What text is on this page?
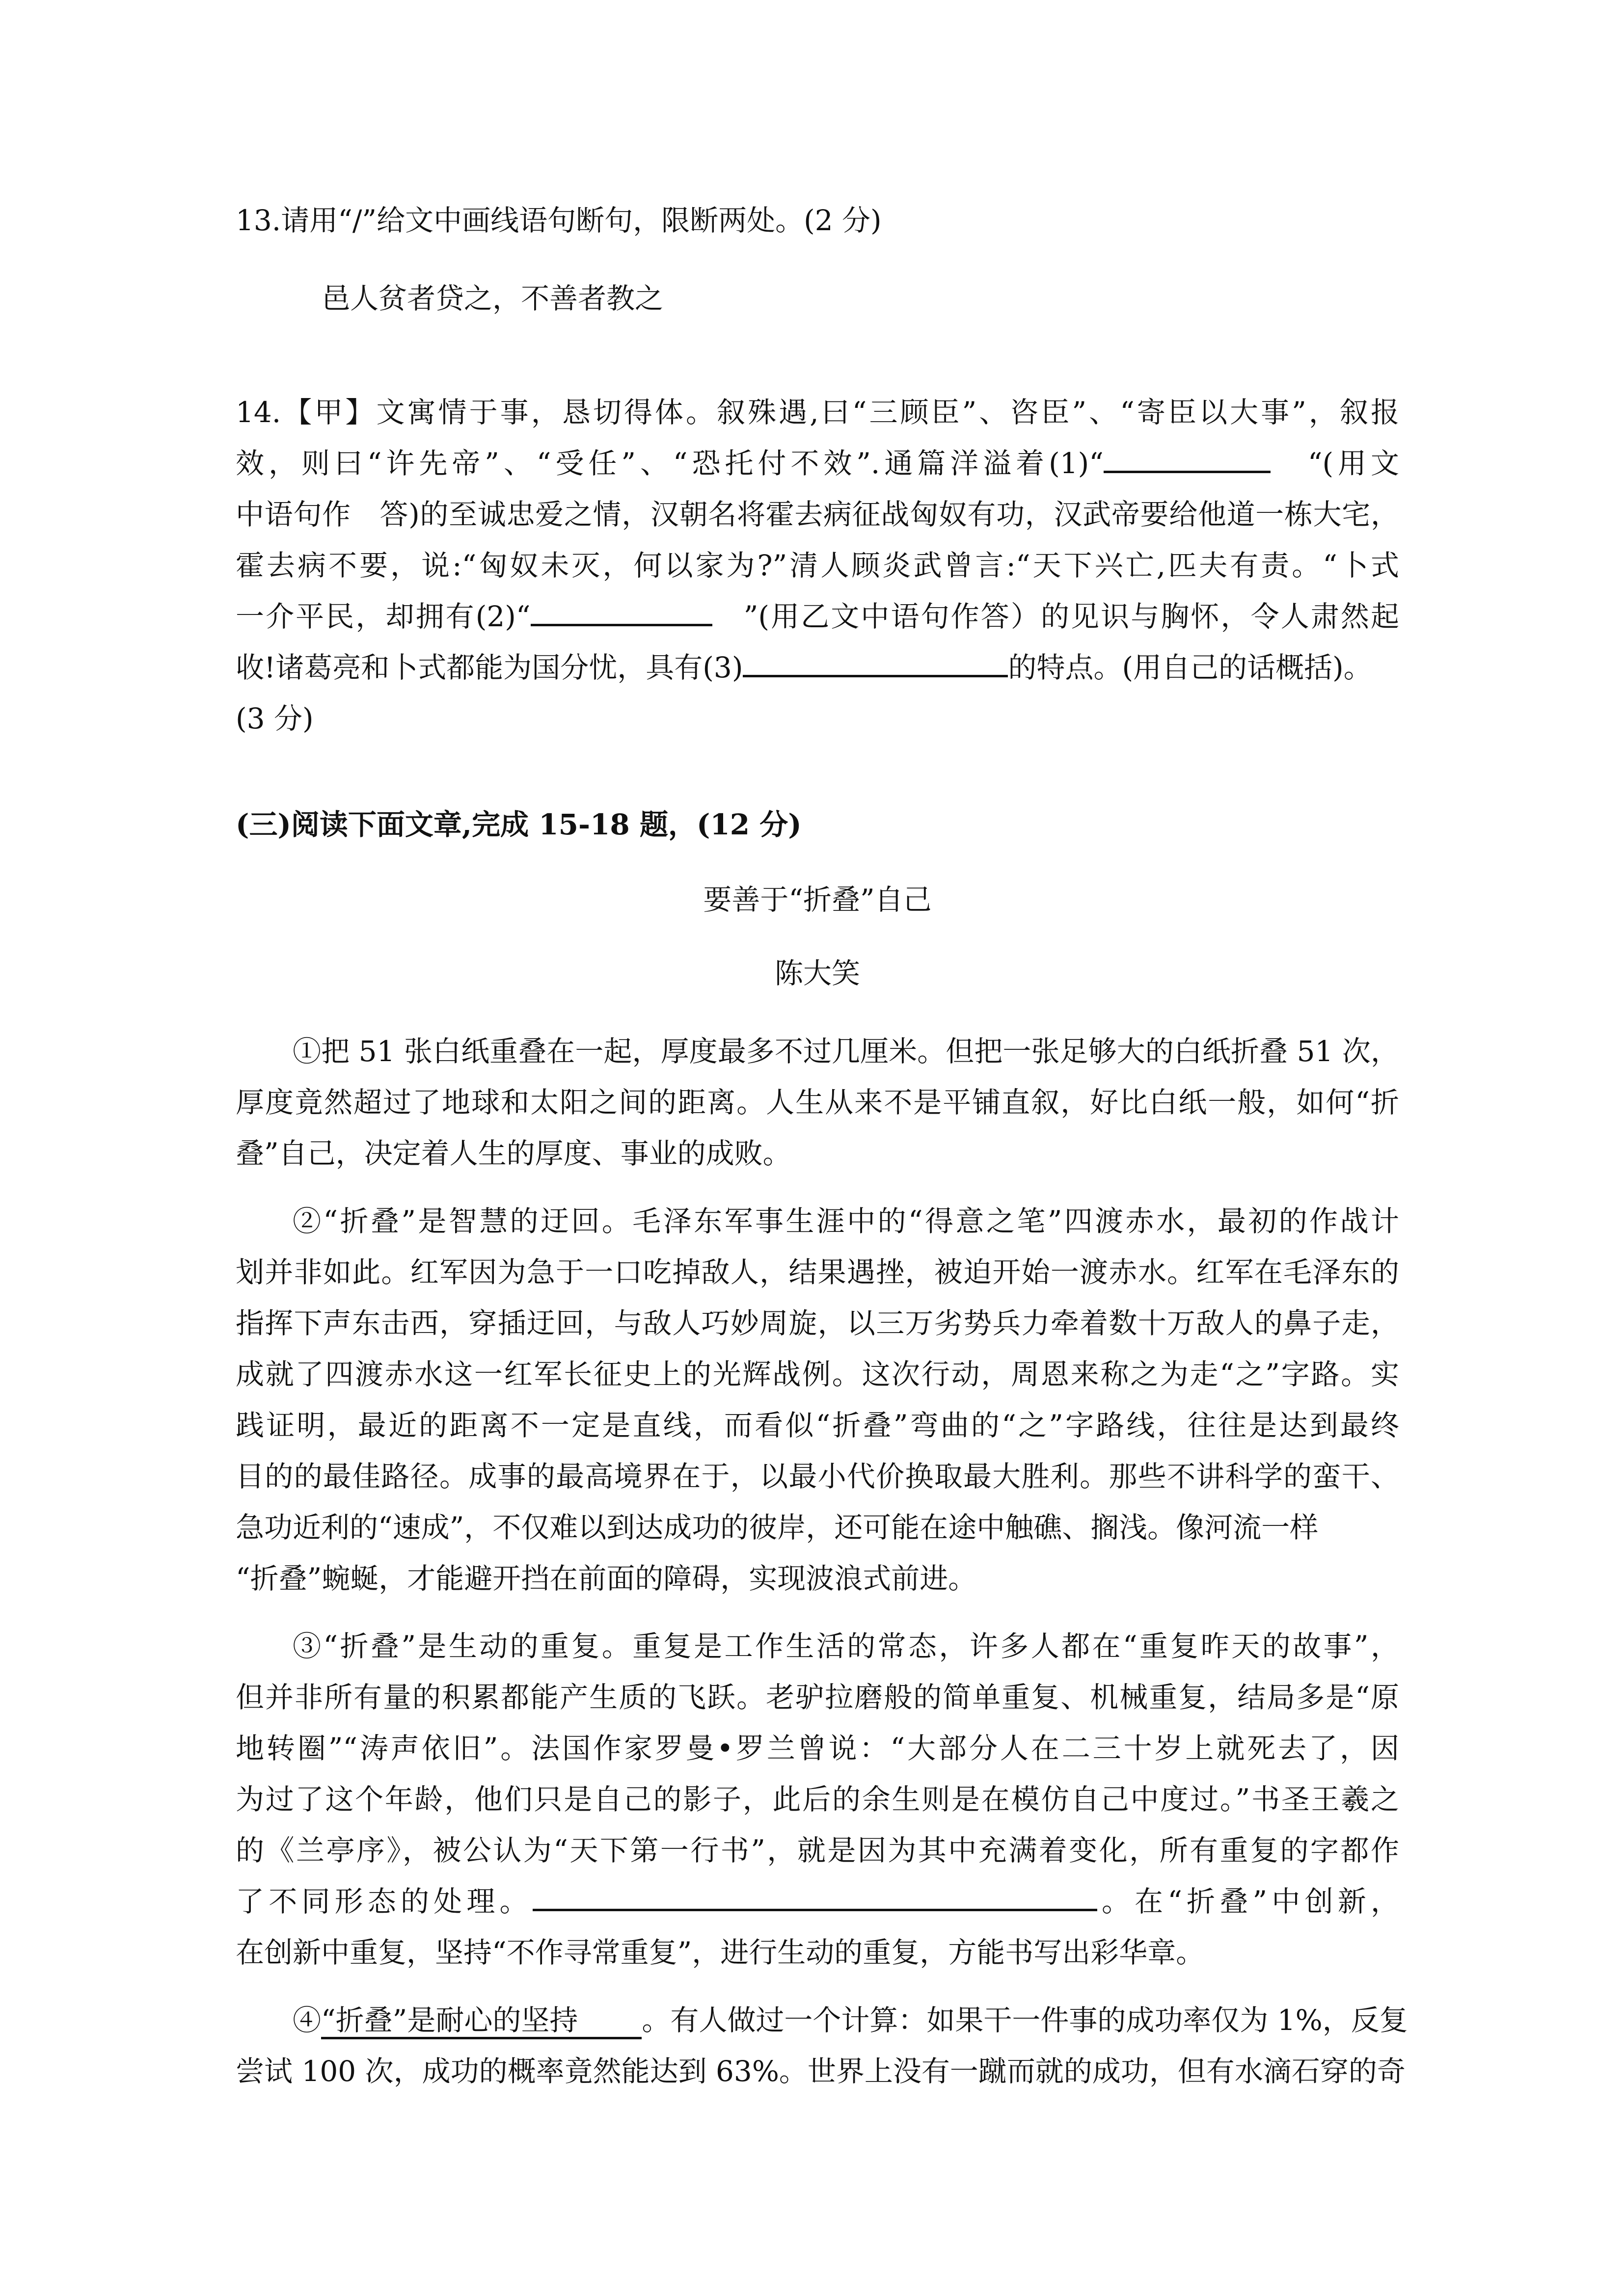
13.请用“/”给文中画线语句断句，限断两处。(2 分)
邑人贫者贷之，不善者教之
14.【甲】文寓情于事，恳切得体。叙殊遇,曰“三顾臣”、咨臣”、“寄臣以大事”，叙报
效，则曰“许先帝”、“受任”、“恐托付不效”.通篇洋溢着(1)“	　“(用文
中语句作　答)的至诚忠爱之情，汉朝名将霍去病征战匈奴有功，汉武帝要给他道一栋大宅，
霍去病不要，说:“匈奴未灭，何以家为?”清人顾炎武曾言:“天下兴亡,匹夫有责。“卜式
一介平民，却拥有(2)“	　”(用乙文中语句作答）的见识与胸怀，令人肃然起
收!诸葛亮和卜式都能为国分忧，具有(3)	的特点。(用自己的话概括)。
(3 分)
(三)阅读下面文章,完成 15-18 题，(12 分)
要善于“折叠”自己
陈大笑
①把 51 张白纸重叠在一起，厚度最多不过几厘米。但把一张足够大的白纸折叠 51 次，
厚度竟然超过了地球和太阳之间的距离。人生从来不是平铺直叙，好比白纸一般，如何“折
叠”自己，决定着人生的厚度、事业的成败。
②“折叠”是智慧的迂回。毛泽东军事生涯中的“得意之笔”四渡赤水，最初的作战计
划并非如此。红军因为急于一口吃掉敌人，结果遇挫，被迫开始一渡赤水。红军在毛泽东的
指挥下声东击西，穿插迂回，与敌人巧妙周旋，以三万劣势兵力牵着数十万敌人的鼻子走，
成就了四渡赤水这一红军长征史上的光辉战例。这次行动，周恩来称之为走“之”字路。实
践证明，最近的距离不一定是直线，而看似“折叠”弯曲的“之”字路线，往往是达到最终
目的的最佳路径。成事的最高境界在于，以最小代价换取最大胜利。那些不讲科学的蛮干、
急功近利的“速成”，不仅难以到达成功的彼岸，还可能在途中触礁、搁浅。像河流一样
“折叠”蜿蜒，才能避开挡在前面的障碍，实现波浪式前进。
③“折叠”是生动的重复。重复是工作生活的常态，许多人都在“重复昨天的故事”，
但并非所有量的积累都能产生质的飞跃。老驴拉磨般的简单重复、机械重复，结局多是“原
地转圈”“涛声依旧”。法国作家罗曼•罗兰曾说：“大部分人在二三十岁上就死去了，因
为过了这个年龄，他们只是自己的影子，此后的余生则是在模仿自己中度过。”书圣王羲之
的《兰亭序》，被公认为“天下第一行书”，就是因为其中充满着变化，所有重复的字都作
了不同形态的处理。	。在“折叠”中创新，
在创新中重复，坚持“不作寻常重复”，进行生动的重复，方能书写出彩华章。
④“折叠”是耐心的坚持 。有人做过一个计算：如果干一件事的成功率仅为 1%，反复
尝试 100 次，成功的概率竟然能达到 63%。世界上没有一蹴而就的成功，但有水滴石穿的奇
